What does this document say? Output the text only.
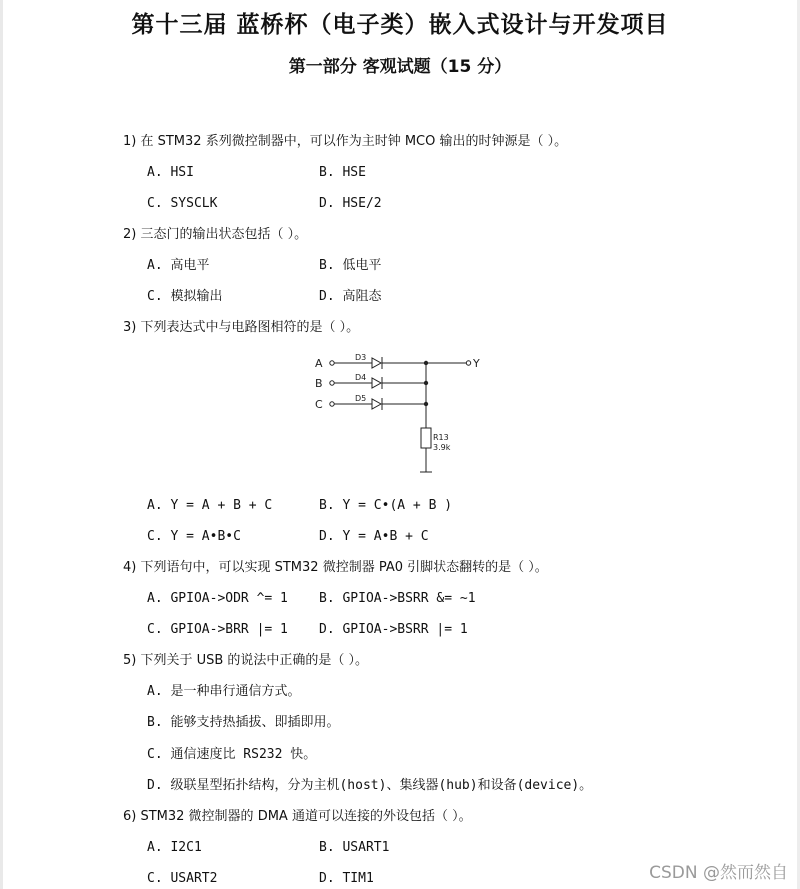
第十三届 蓝桥杯（电子类）嵌入式设计与开发项目
第一部分 客观试题（15 分）
1) 在 STM32 系列微控制器中，可以作为主时钟 MCO 输出的时钟源是（ ）。
A. HSI	B. HSE
C. SYSCLK	D. HSE/2
2) 三态门的输出状态包括（ ）。
A. 高电平	B. 低电平
C. 模拟输出	D. 高阻态
3) 下列表达式中与电路图相符的是（ ）。
A
B
C
Y
D3
D4
D5
R13
3.9k
A. Y = A + B + C	B. Y = C•(A + B )
C. Y = A•B•C	D. Y = A•B + C
4) 下列语句中，可以实现 STM32 微控制器 PA0 引脚状态翻转的是（ ）。
A. GPIOA->ODR ^= 1 B. GPIOA->BSRR &= ~1
C. GPIOA->BRR |= 1 D. GPIOA->BSRR |= 1
5) 下列关于 USB 的说法中正确的是（ ）。
A. 是一种串行通信方式。
B. 能够支持热插拔、即插即用。
C. 通信速度比 RS232 快。
D. 级联星型拓扑结构，分为主机(host)、集线器(hub)和设备(device)。
6) STM32 微控制器的 DMA 通道可以连接的外设包括（ ）。
A. I2C1	B. USART1
C. USART2	D. TIM1	CSDN @然而然自
